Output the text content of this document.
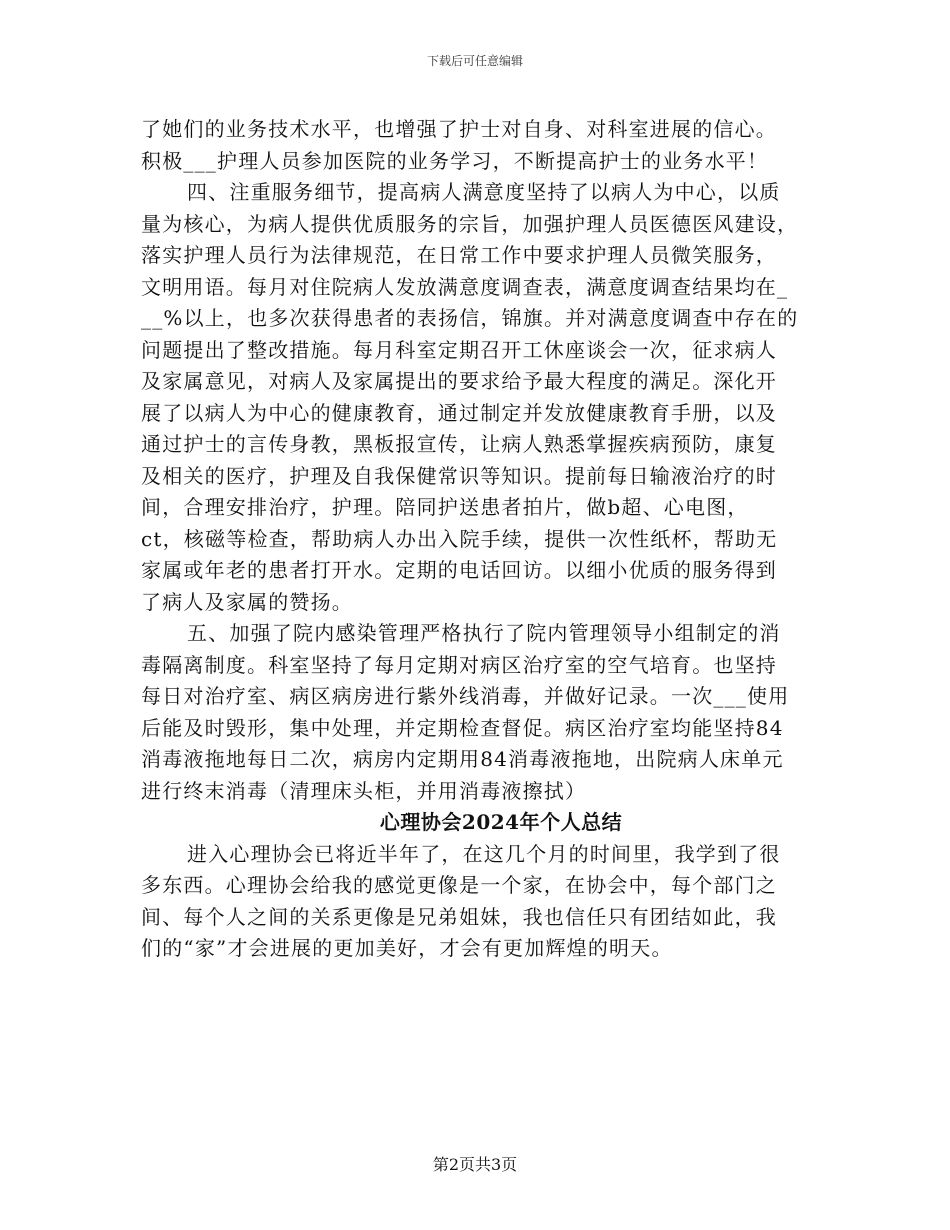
下载后可任意编辑
了她们的业务技术水平，也增强了护士对自身、对科室进展的信心。
积极___护理人员参加医院的业务学习，不断提高护士的业务水平！
四、注重服务细节，提高病人满意度坚持了以病人为中心，以质
量为核心，为病人提供优质服务的宗旨，加强护理人员医德医风建设，
落实护理人员行为法律规范，在日常工作中要求护理人员微笑服务，
文明用语。每月对住院病人发放满意度调查表，满意度调查结果均在_
__%以上，也多次获得患者的表扬信，锦旗。并对满意度调查中存在的
问题提出了整改措施。每月科室定期召开工休座谈会一次，征求病人
及家属意见，对病人及家属提出的要求给予最大程度的满足。深化开
展了以病人为中心的健康教育，通过制定并发放健康教育手册，以及
通过护士的言传身教，黑板报宣传，让病人熟悉掌握疾病预防，康复
及相关的医疗，护理及自我保健常识等知识。提前每日输液治疗的时
间，合理安排治疗，护理。陪同护送患者拍片，做b超、心电图，
ct，核磁等检查，帮助病人办出入院手续，提供一次性纸杯，帮助无
家属或年老的患者打开水。定期的电话回访。以细小优质的服务得到
了病人及家属的赞扬。
五、加强了院内感染管理严格执行了院内管理领导小组制定的消
毒隔离制度。科室坚持了每月定期对病区治疗室的空气培育。也坚持
每日对治疗室、病区病房进行紫外线消毒，并做好记录。一次___使用
后能及时毁形，集中处理，并定期检查督促。病区治疗室均能坚持84
消毒液拖地每日二次，病房内定期用84消毒液拖地，出院病人床单元
进行终末消毒（清理床头柜，并用消毒液擦拭）
心理协会2024年个人总结
进入心理协会已将近半年了，在这几个月的时间里，我学到了很
多东西。心理协会给我的感觉更像是一个家，在协会中，每个部门之
间、每个人之间的关系更像是兄弟姐妹，我也信任只有团结如此，我
们的“家”才会进展的更加美好，才会有更加辉煌的明天。
第2页共3页
